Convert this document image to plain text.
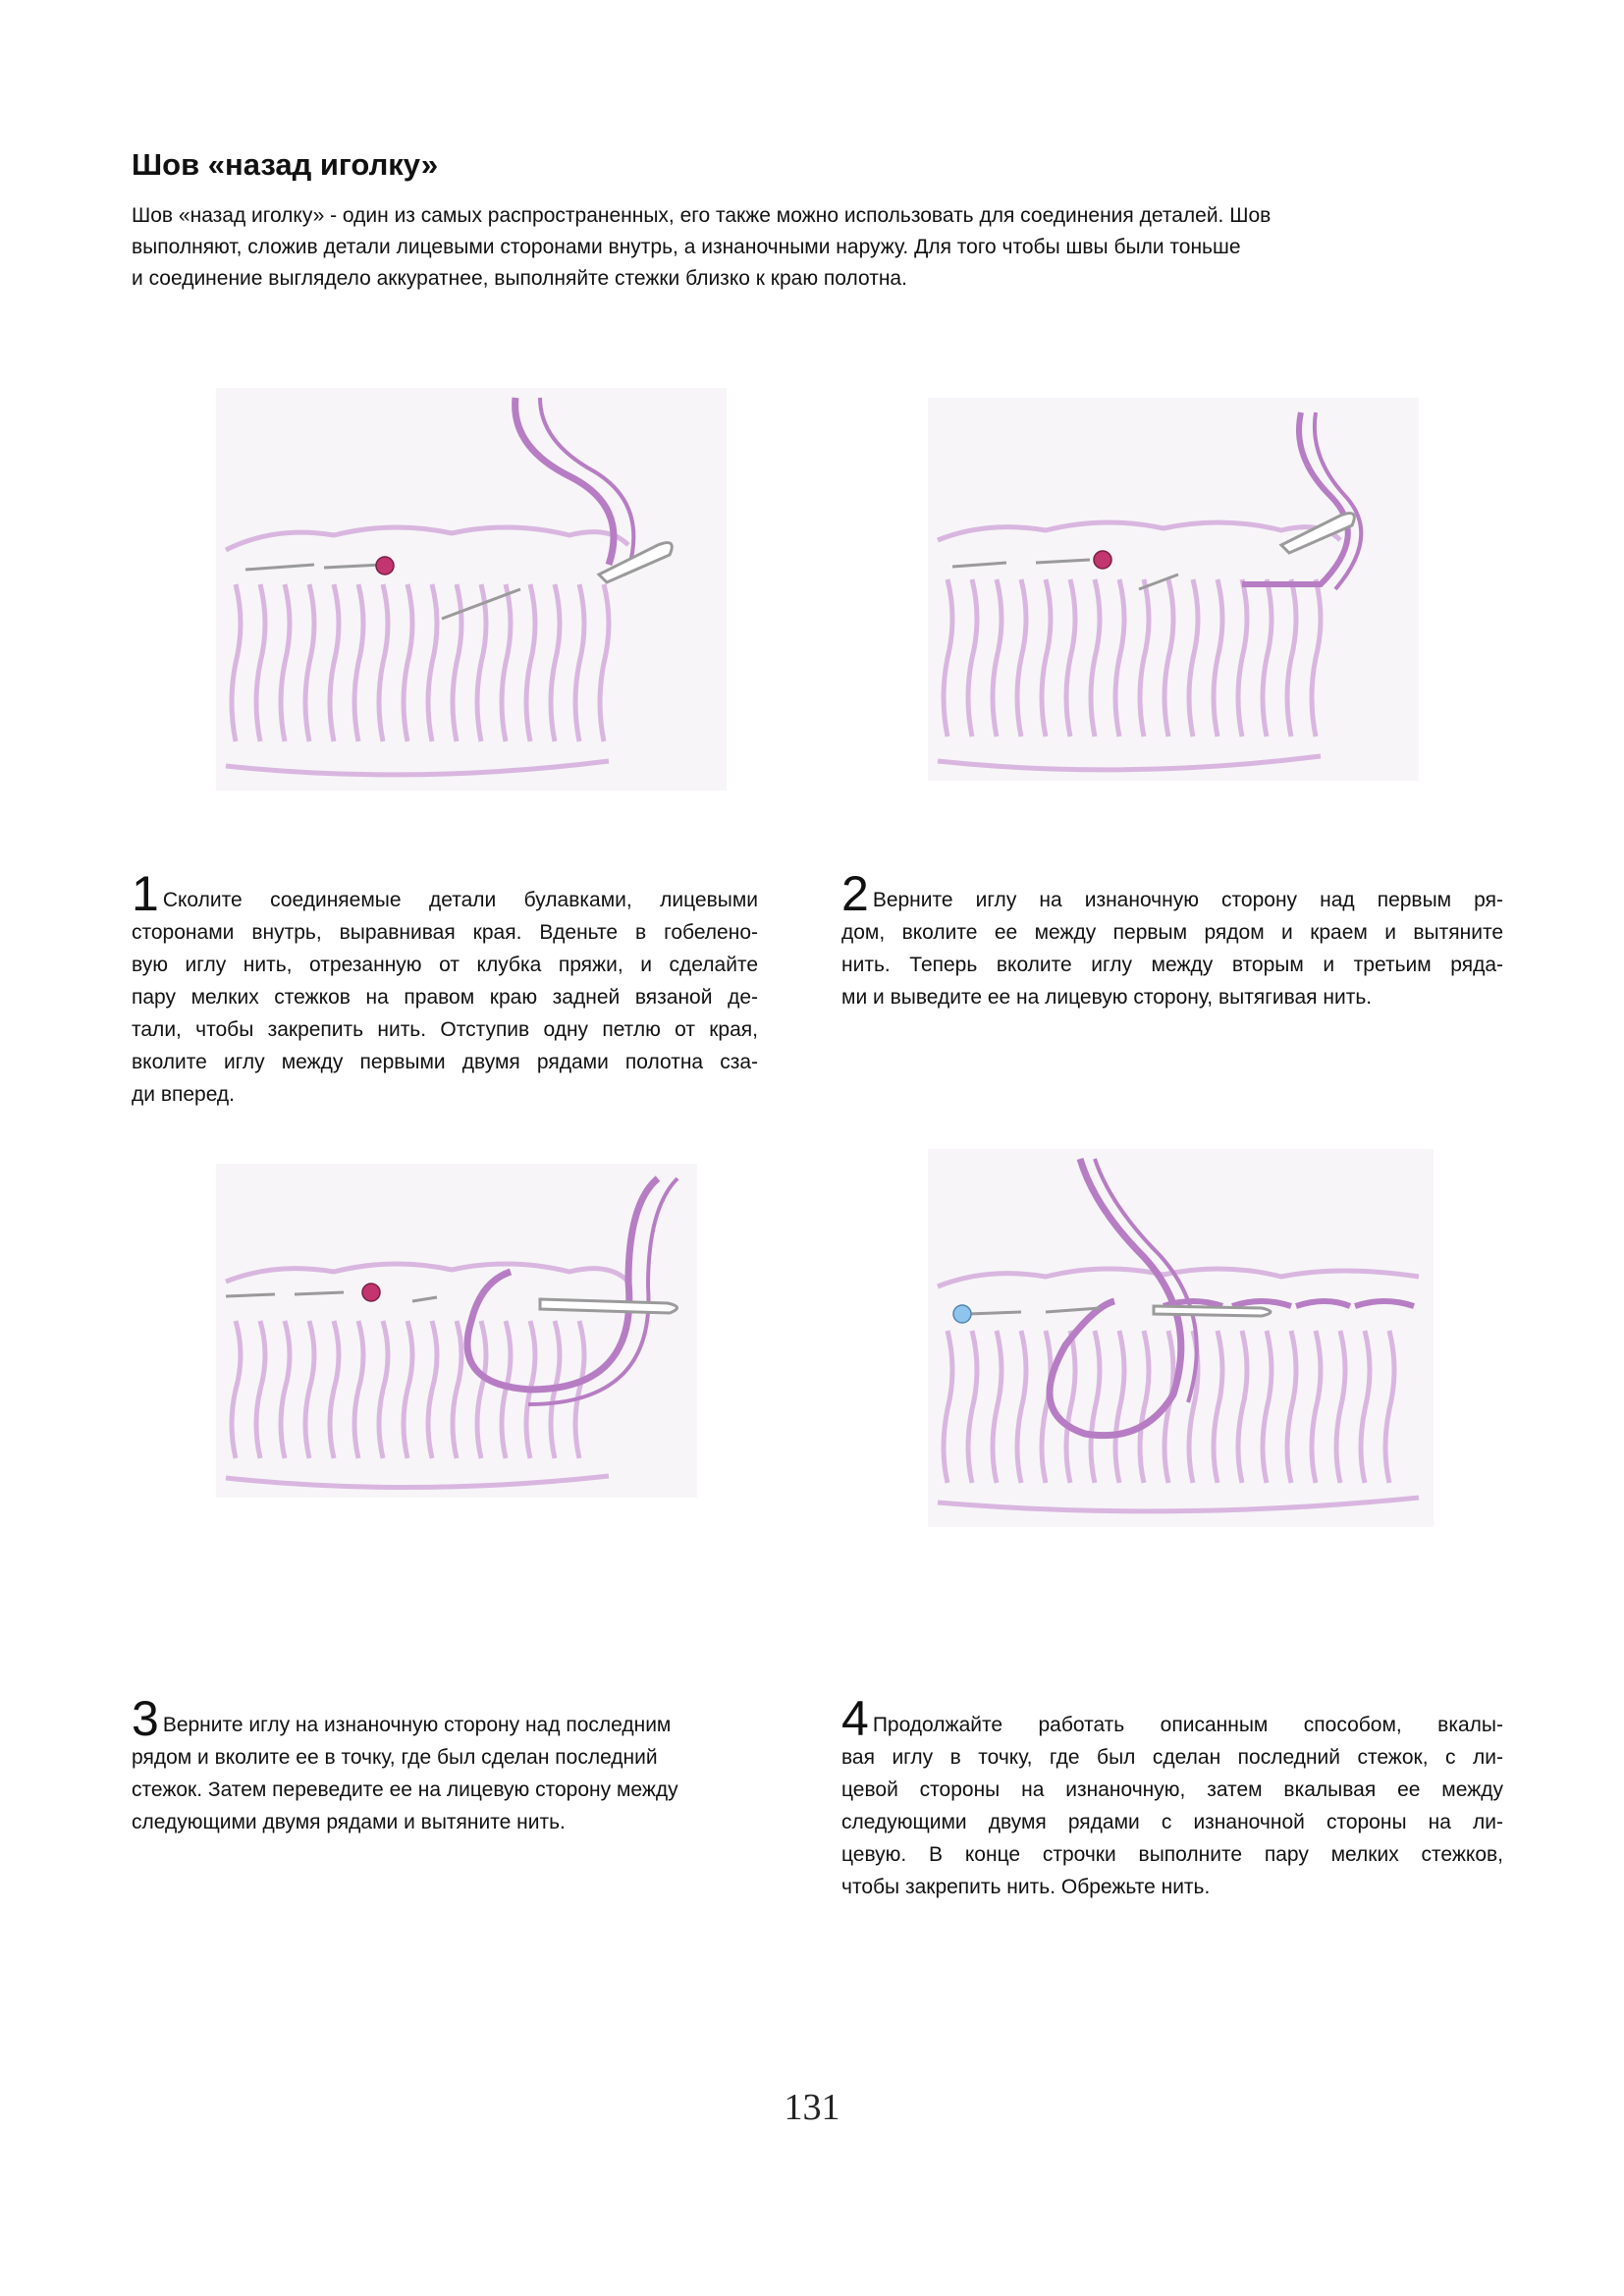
Шов «назад иголку»
Шов «назад иголку» - один из самых распространенных, его также можно использовать для соединения деталей. Шов
выполняют, сложив детали лицевыми сторонами внутрь, а изнаночными наружу. Для того чтобы швы были тоньше
и соединение выглядело аккуратнее, выполняйте стежки близко к краю полотна.
1 Сколите соединяемые детали булавками, лицевыми
сторонами внутрь, выравнивая края. Вденьте в гобелено-
вую иглу нить, отрезанную от клубка пряжи, и сделайте
пару мелких стежков на правом краю задней вязаной де-
тали, чтобы закрепить нить. Отступив одну петлю от края,
вколите иглу между первыми двумя рядами полотна сза-
ди вперед.
2 Верните иглу на изнаночную сторону над первым ря-
дом, вколите ее между первым рядом и краем и вытяните
нить. Теперь вколите иглу между вторым и третьим ряда-
ми и выведите ее на лицевую сторону, вытягивая нить.
3 Верните иглу на изнаночную сторону над последним
рядом и вколите ее в точку, где был сделан последний
стежок. Затем переведите ее на лицевую сторону между
следующими двумя рядами и вытяните нить.
4 Продолжайте работать описанным способом, вкалы-
вая иглу в точку, где был сделан последний стежок, с ли-
цевой стороны на изнаночную, затем вкалывая ее между
следующими двумя рядами с изнаночной стороны на ли-
цевую. В конце строчки выполните пару мелких стежков,
чтобы закрепить нить. Обрежьте нить.
131
